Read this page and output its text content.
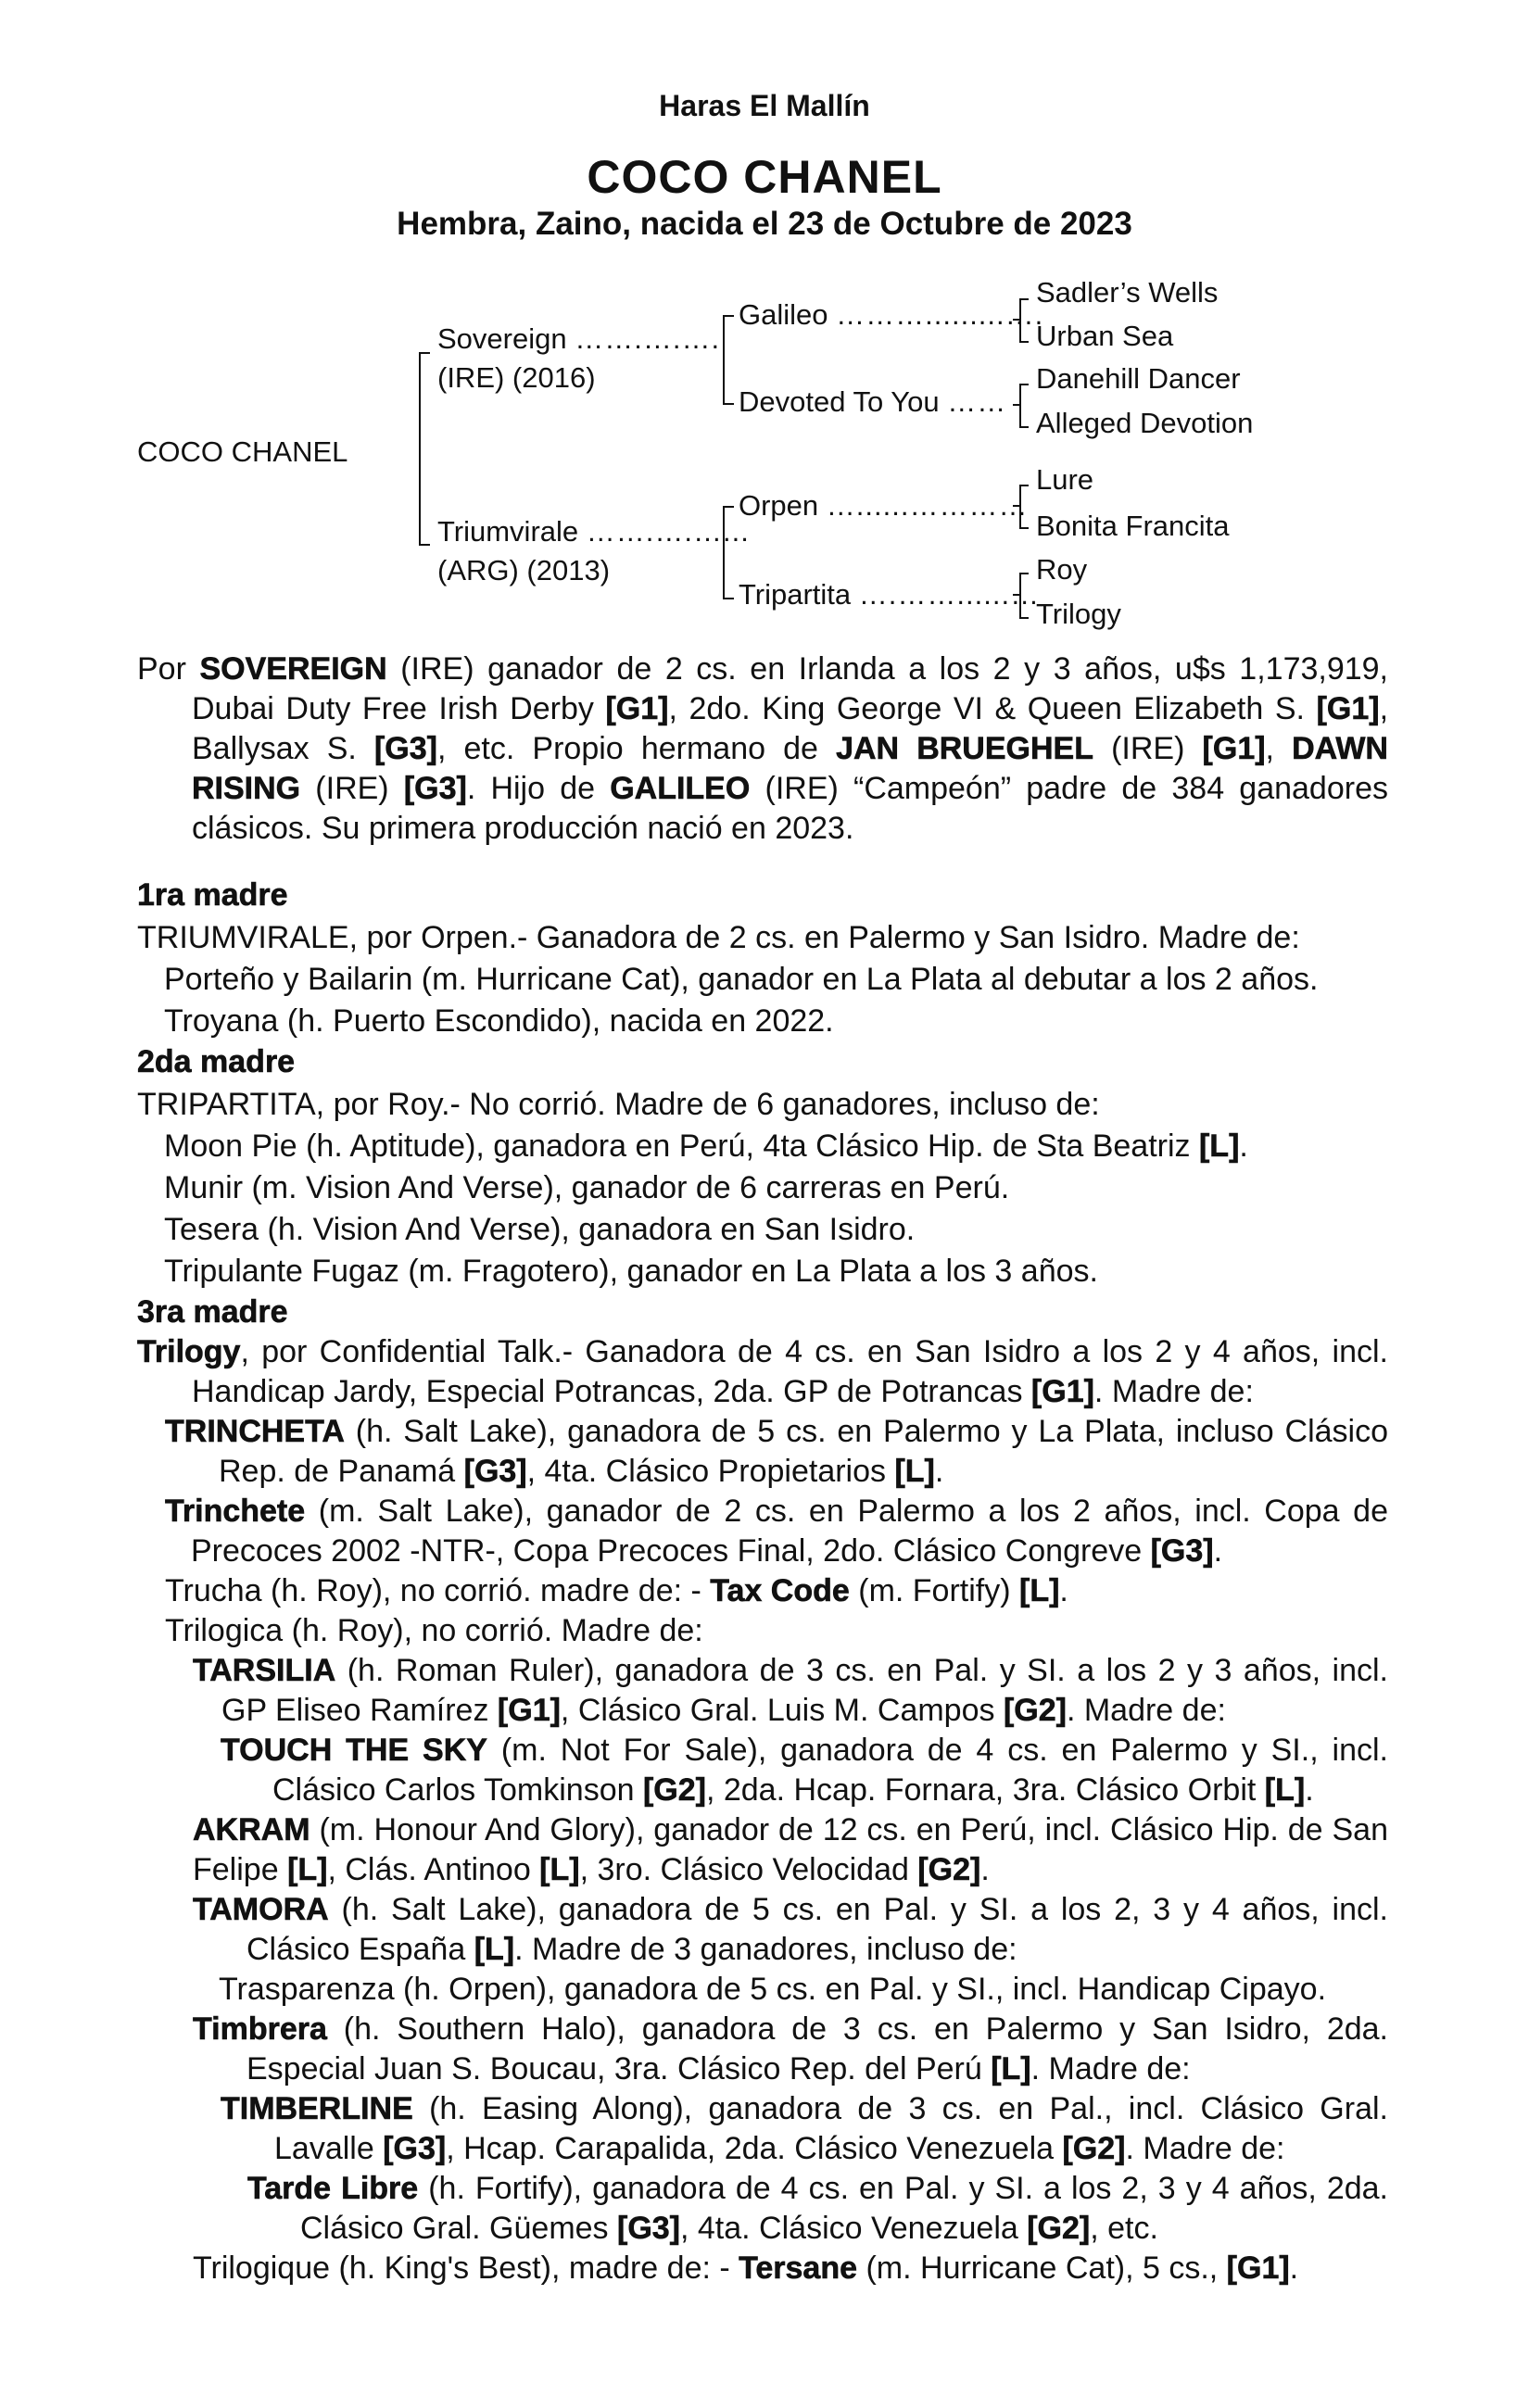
Haras El Mallín
COCO CHANEL
Hembra, Zaino, nacida el 23 de Octubre de 2023
COCO CHANEL
Sovereign …….….….
(IRE) (2016)
Triumvirale …….….…...
(ARG) (2013)
Galileo ……….........….
Devoted To You ……
Orpen …......…………
Tripartita ….……......…
Sadler’s Wells
Urban Sea
Danehill Dancer
Alleged Devotion
Lure
Bonita Francita
Roy
Trilogy

Por SOVEREIGN (IRE) ganador de 2 cs. en Irlanda a los 2 y 3 años, u$s 1,173,919, Dubai Duty Free Irish Derby [G1], 2do. King George VI & Queen Elizabeth S. [G1], Ballysax S. [G3], etc. Propio hermano de JAN BRUEGHEL (IRE) [G1], DAWN RISING (IRE) [G3]. Hijo de GALILEO (IRE) “Campeón” padre de 384 ganadores clásicos. Su primera producción nació en 2023.

1ra madre

TRIUMVIRALE, por Orpen.- Ganadora de 2 cs. en Palermo y San Isidro. Madre de:

Porteño y Bailarin (m. Hurricane Cat), ganador en La Plata al debutar a los 2 años.

Troyana (h. Puerto Escondido), nacida en 2022.

2da madre

TRIPARTITA, por Roy.- No corrió. Madre de 6 ganadores, incluso de:

Moon Pie (h. Aptitude), ganadora en Perú, 4ta Clásico Hip. de Sta Beatriz [L].

Munir (m. Vision And Verse), ganador de 6 carreras en Perú.

Tesera (h. Vision And Verse), ganadora en San Isidro.

Tripulante Fugaz (m. Fragotero), ganador en La Plata a los 3 años.

3ra madre

Trilogy, por Confidential Talk.- Ganadora de 4 cs. en San Isidro a los 2 y 4 años, incl. Handicap Jardy, Especial Potrancas, 2da. GP de Potrancas [G1]. Madre de:

TRINCHETA (h. Salt Lake), ganadora de 5 cs. en Palermo y La Plata, incluso Clásico Rep. de Panamá [G3], 4ta. Clásico Propietarios [L].

Trinchete (m. Salt Lake), ganador de 2 cs. en Palermo a los 2 años, incl. Copa de Precoces 2002 -NTR-, Copa Precoces Final, 2do. Clásico Congreve [G3].

Trucha (h. Roy), no corrió. madre de: - Tax Code (m. Fortify) [L].

Trilogica (h. Roy), no corrió. Madre de:

TARSILIA (h. Roman Ruler), ganadora de 3 cs. en Pal. y SI. a los 2 y 3 años, incl. GP Eliseo Ramírez [G1], Clásico Gral. Luis M. Campos [G2]. Madre de:

TOUCH THE SKY (m. Not For Sale), ganadora de 4 cs. en Palermo y SI., incl. Clásico Carlos Tomkinson [G2], 2da. Hcap. Fornara, 3ra. Clásico Orbit [L].

AKRAM (m. Honour And Glory), ganador de 12 cs. en Perú, incl. Clásico Hip. de San Felipe [L], Clás. Antinoo [L], 3ro. Clásico Velocidad [G2].

TAMORA (h. Salt Lake), ganadora de 5 cs. en Pal. y SI. a los 2, 3 y 4 años, incl. Clásico España [L]. Madre de 3 ganadores, incluso de:

Trasparenza (h. Orpen), ganadora de 5 cs. en Pal. y SI., incl. Handicap Cipayo.

Timbrera (h. Southern Halo), ganadora de 3 cs. en Palermo y San Isidro, 2da. Especial Juan S. Boucau, 3ra. Clásico Rep. del Perú [L]. Madre de:

TIMBERLINE (h. Easing Along), ganadora de 3 cs. en Pal., incl. Clásico Gral. Lavalle [G3], Hcap. Carapalida, 2da. Clásico Venezuela [G2]. Madre de:

Tarde Libre (h. Fortify), ganadora de 4 cs. en Pal. y SI. a los 2, 3 y 4 años, 2da. Clásico Gral. Güemes [G3], 4ta. Clásico Venezuela [G2], etc.

Trilogique (h. King's Best), madre de: - Tersane (m. Hurricane Cat), 5 cs., [G1].
